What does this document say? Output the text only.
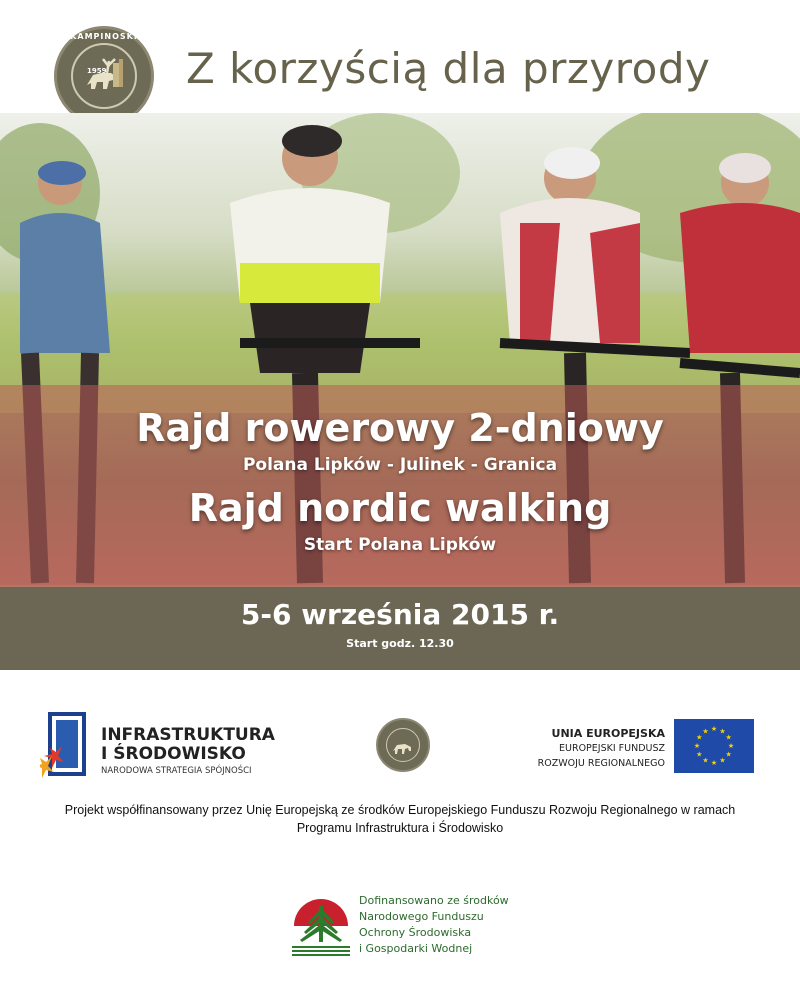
KAMPINOSKI
1959 Z korzyścią dla przyrody
Rajd rowerowy 2-dniowy
Polana Lipków - Julinek - Granica
Rajd nordic walking
Start Polana Lipków
5-6 września 2015 r.
Start godz. 12.30
INFRASTRUKTURA
I ŚRODOWISKO
NARODOWA STRATEGIA SPÓJNOŚCI
UNIA EUROPEJSKA
EUROPEJSKI FUNDUSZ
ROZWOJU REGIONALNEGO
★ ★
★
★
★
★
★
★
★
★
★
★
Projekt współfinansowany przez Unię Europejską ze środków Europejskiego Funduszu Rozwoju Regionalnego w ramach
Programu Infrastruktura i Środowisko
Dofinansowano ze środków
Narodowego Funduszu
Ochrony Środowiska
i Gospodarki Wodnej
